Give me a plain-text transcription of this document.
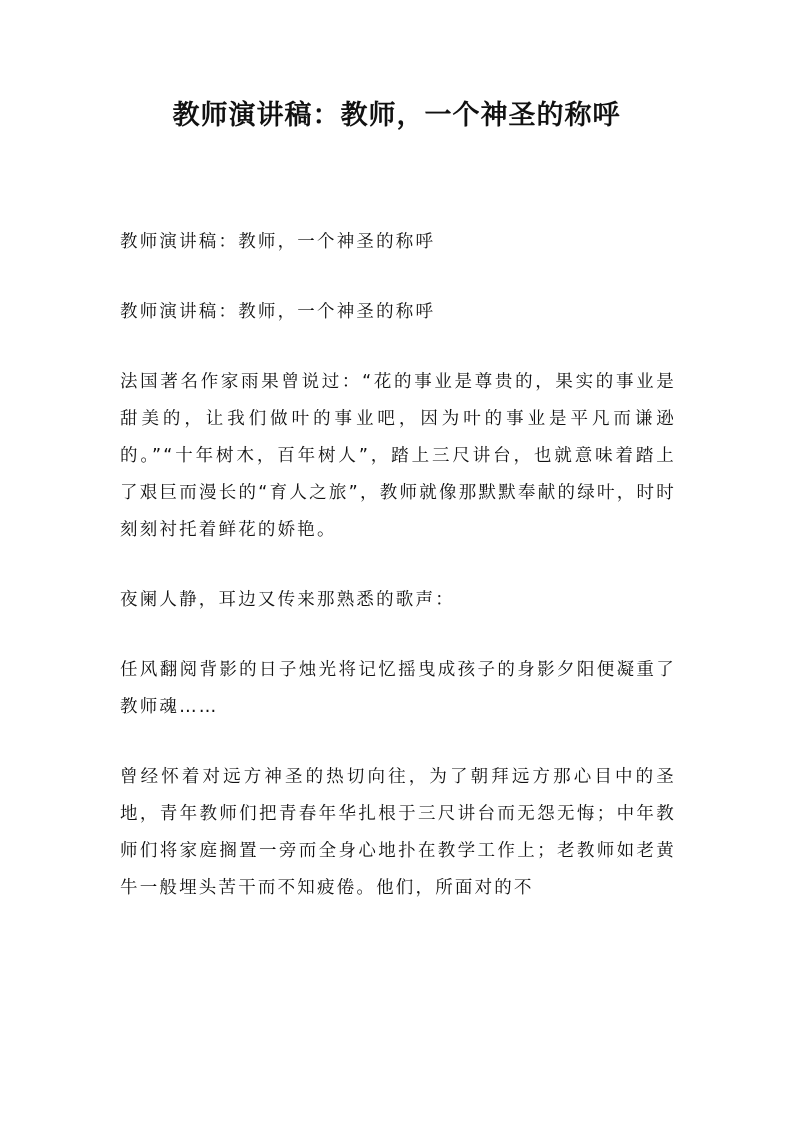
教师演讲稿：教师，一个神圣的称呼

教师演讲稿：教师，一个神圣的称呼

教师演讲稿：教师，一个神圣的称呼

法国著名作家雨果曾说过：“花的事业是尊贵的，果实的事业是甜美的，让我们做叶的事业吧，因为叶的事业是平凡而谦逊的。”“十年树木，百年树人”，踏上三尺讲台，也就意味着踏上了艰巨而漫长的“育人之旅”，教师就像那默默奉献的绿叶，时时刻刻衬托着鲜花的娇艳。

夜阑人静，耳边又传来那熟悉的歌声：

任风翻阅背影的日子烛光将记忆摇曳成孩子的身影夕阳便凝重了教师魂……

曾经怀着对远方神圣的热切向往，为了朝拜远方那心目中的圣地，青年教师们把青春年华扎根于三尺讲台而无怨无悔；中年教师们将家庭搁置一旁而全身心地扑在教学工作上；老教师如老黄牛一般埋头苦干而不知疲倦。他们，所面对的不
